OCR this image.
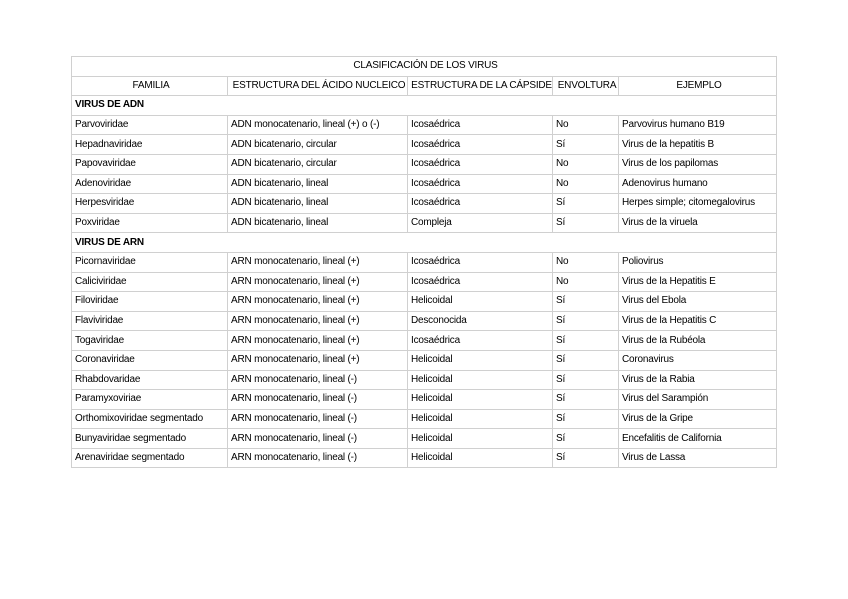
CLASIFICACIÓN DE LOS VIRUS				
FAMILIA	ESTRUCTURA DEL ÁCIDO NUCLEICO	ESTRUCTURA DE LA CÁPSIDE	ENVOLTURA	EJEMPLO
VIRUS DE ADN				
Parvoviridae	ADN monocatenario, lineal (+) o (-)	Icosaédrica	No	Parvovirus humano B19
Hepadnaviridae	ADN bicatenario, circular	Icosaédrica	Sí	Virus de la hepatitis B
Papovaviridae	ADN bicatenario, circular	Icosaédrica	No	Virus de los papilomas
Adenoviridae	ADN bicatenario, lineal	Icosaédrica	No	Adenovirus humano
Herpesviridae	ADN bicatenario, lineal	Icosaédrica	Sí	Herpes simple; citomegalovirus
Poxviridae	ADN bicatenario, lineal	Compleja	Sí	Virus de la viruela
VIRUS DE ARN				
Picornaviridae	ARN monocatenario, lineal (+)	Icosaédrica	No	Poliovirus
Caliciviridae	ARN monocatenario, lineal (+)	Icosaédrica	No	Virus de la Hepatitis E
Filoviridae	ARN monocatenario, lineal (+)	Helicoidal	Sí	Virus del Ebola
Flaviviridae	ARN monocatenario, lineal (+)	Desconocida	Sí	Virus de la Hepatitis C
Togaviridae	ARN monocatenario, lineal (+)	Icosaédrica	Sí	Virus de la Rubéola
Coronaviridae	ARN monocatenario, lineal (+)	Helicoidal	Sí	Coronavirus
Rhabdovaridae	ARN monocatenario, lineal (-)	Helicoidal	Sí	Virus de la Rabia
Paramyxoviriae	ARN monocatenario, lineal (-)	Helicoidal	Sí	Virus del Sarampión
Orthomixoviridae segmentado	ARN monocatenario, lineal (-)	Helicoidal	Sí	Virus de la Gripe
Bunyaviridae segmentado	ARN monocatenario, lineal (-)	Helicoidal	Sí	Encefalitis de California
Arenaviridae segmentado	ARN monocatenario, lineal (-)	Helicoidal	Sí	Virus de Lassa
